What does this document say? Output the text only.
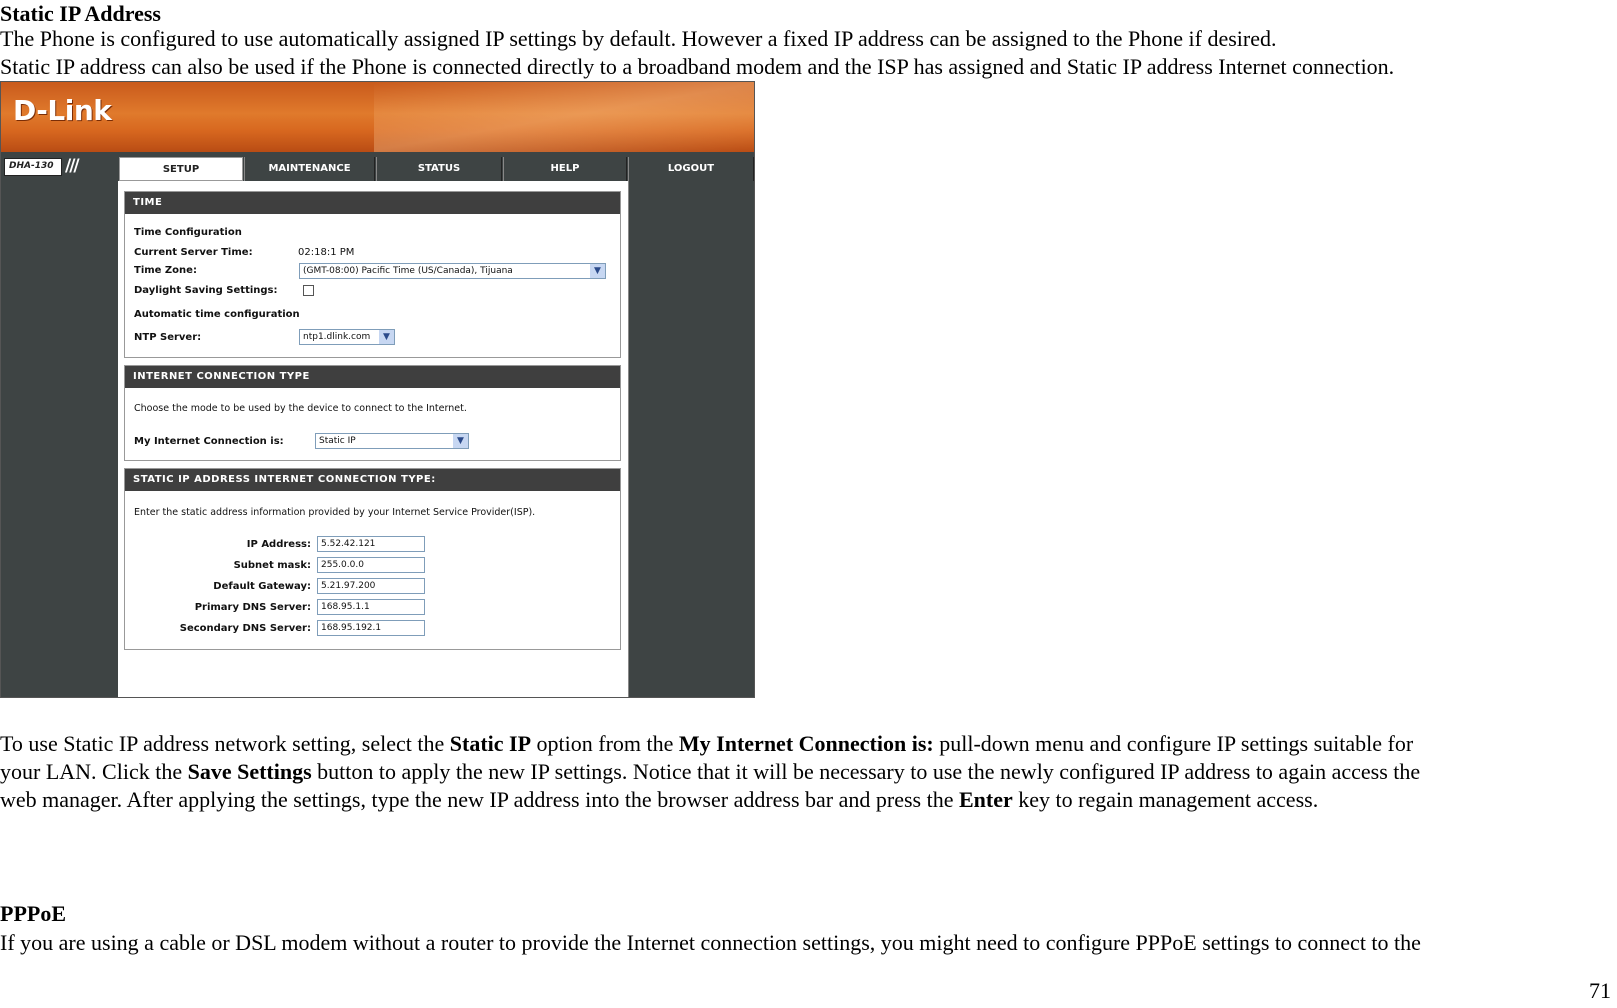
Static IP Address
The Phone is configured to use automatically assigned IP settings by default. However a fixed IP address can be assigned to the Phone if desired.
Static IP address can also be used if the Phone is connected directly to a broadband modem and the ISP has assigned and Static IP address Internet connection.
D-Link
DHA-130 ///	SETUP	MAINTENANCE	STATUS	HELP	LOGOUT
TIME
Time Configuration
Current Server Time:	02:18:1 PM
Time Zone:	(GMT-08:00) Pacific Time (US/Canada), Tijuana	▼
Daylight Saving Settings:
Automatic time configuration
NTP Server:	ntp1.dlink.com	▼
INTERNET CONNECTION TYPE
Choose the mode to be used by the device to connect to the Internet.
My Internet Connection is:	Static IP	▼
STATIC IP ADDRESS INTERNET CONNECTION TYPE:
Enter the static address information provided by your Internet Service Provider(ISP).
IP Address:	5.52.42.121
Subnet mask:	255.0.0.0
Default Gateway:	5.21.97.200
Primary DNS Server:	168.95.1.1
Secondary DNS Server:	168.95.192.1
To use Static IP address network setting, select the Static IP option from the My Internet Connection is: pull-down menu and configure IP settings suitable for
your LAN. Click the Save Settings button to apply the new IP settings. Notice that it will be necessary to use the newly configured IP address to again access the
web manager. After applying the settings, type the new IP address into the browser address bar and press the Enter key to regain management access.
PPPoE
If you are using a cable or DSL modem without a router to provide the Internet connection settings, you might need to configure PPPoE settings to connect to the
71
